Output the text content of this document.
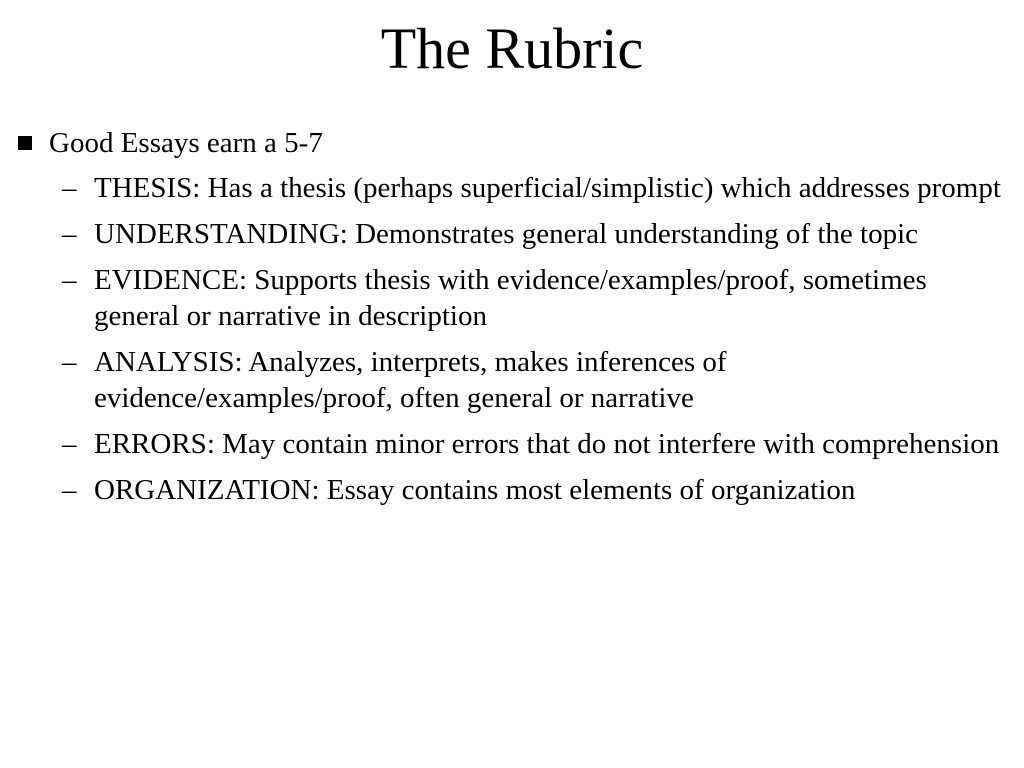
The Rubric
Good Essays earn a 5-7
– THESIS: Has a thesis (perhaps superficial/simplistic) which addresses prompt
– UNDERSTANDING: Demonstrates general understanding of the topic
– EVIDENCE: Supports thesis with evidence/examples/proof, sometimes general or narrative in description
– ANALYSIS: Analyzes, interprets, makes inferences of evidence/examples/proof, often general or narrative
– ERRORS: May contain minor errors that do not interfere with comprehension
– ORGANIZATION: Essay contains most elements of organization
